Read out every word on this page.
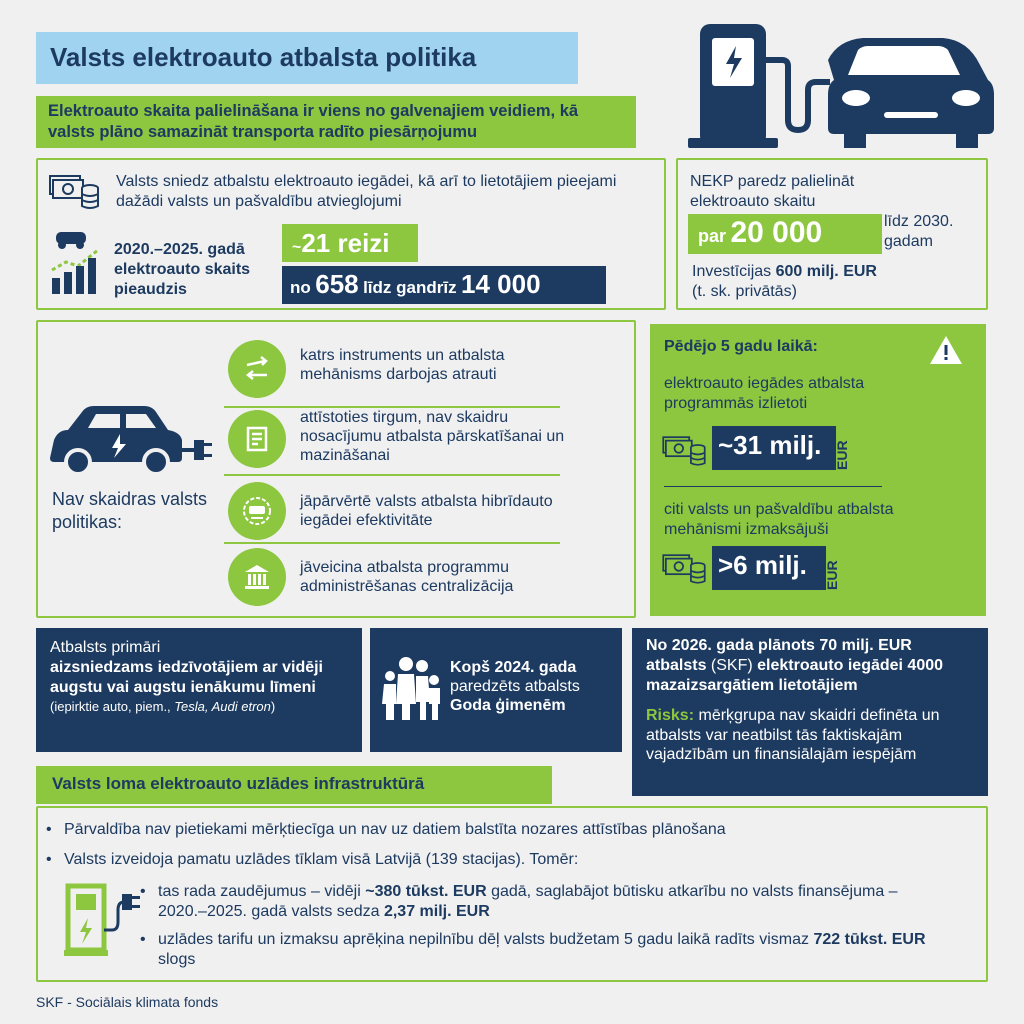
Valsts elektroauto atbalsta politika
Elektroauto skaita palielināšana ir viens no galvenajiem veidiem, kā valsts plāno samazināt transporta radīto piesārņojumu
Valsts sniedz atbalstu elektroauto iegādei, kā arī to lietotājiem pieejami dažādi valsts un pašvaldību atvieglojumi
2020.–2025. gadā elektroauto skaits pieaudzis
~21 reizi
no 658 līdz gandrīz 14 000
NEKP paredz palielināt elektroauto skaitu
par 20 000	līdz 2030. gadam
Investīcijas 600 milj. EUR
(t. sk. privātās)
Nav skaidras valsts politikas:
katrs instruments un atbalsta mehānisms darbojas atrauti
attīstoties tirgum, nav skaidru nosacījumu atbalsta pārskatīšanai un mazināšanai
jāpārvērtē valsts atbalsta hibrīdauto iegādei efektivitāte
jāveicina atbalsta programmu administrēšanas centralizācija
Pēdējo 5 gadu laikā:
elektroauto iegādes atbalsta programmās izlietoti
~31 milj. EUR
citi valsts un pašvaldību atbalsta mehānismi izmaksājuši
>6 milj.	EUR
Atbalsts primāri
aizsniedzams iedzīvotājiem ar vidēji augstu vai augstu ienākumu līmeni
(iepirktie auto, piem., Tesla, Audi etron)
Kopš 2024. gada
paredzēts atbalsts
Goda ģimenēm
No 2026. gada plānots 70 milj. EUR atbalsts (SKF) elektroauto iegādei 4000 mazaizsargātiem lietotājiem
Risks: mērķgrupa nav skaidri definēta un atbalsts var neatbilst tās faktiskajām vajadzībām un finansiālajām iespējām
Valsts loma elektroauto uzlādes infrastruktūrā
• Pārvaldība nav pietiekami mērķtiecīga un nav uz datiem balstīta nozares attīstības plānošana
• Valsts izveidoja pamatu uzlādes tīklam visā Latvijā (139 stacijas). Tomēr:
• tas rada zaudējumus – vidēji ~380 tūkst. EUR gadā, saglabājot būtisku atkarību no valsts finansējuma – 2020.–2025. gadā valsts sedza 2,37 milj. EUR
• uzlādes tarifu un izmaksu aprēķina nepilnību dēļ valsts budžetam 5 gadu laikā radīts vismaz 722 tūkst. EUR slogs
SKF - Sociālais klimata fonds
